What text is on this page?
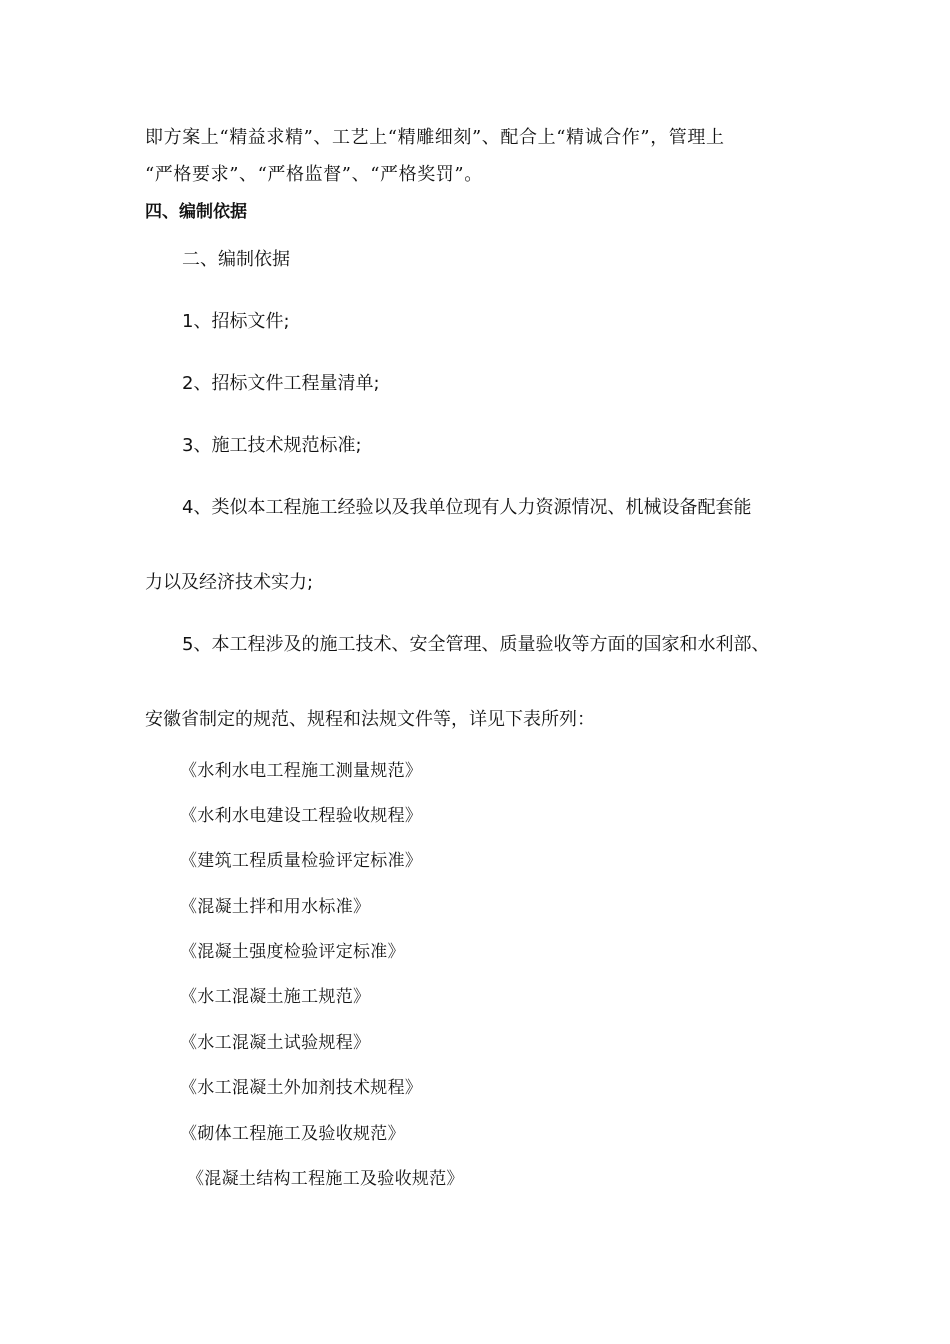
即方案上“精益求精”、工艺上“精雕细刻”、配合上“精诚合作”，管理上
“严格要求”、“严格监督”、“严格奖罚”。
四、编制依据
二、编制依据
1、招标文件;
2、招标文件工程量清单;
3、施工技术规范标准;
4、类似本工程施工经验以及我单位现有人力资源情况、机械设备配套能
力以及经济技术实力;
5、本工程涉及的施工技术、安全管理、质量验收等方面的国家和水利部、
安徽省制定的规范、规程和法规文件等，详见下表所列：
《水利水电工程施工测量规范》
《水利水电建设工程验收规程》
《建筑工程质量检验评定标准》
《混凝土拌和用水标准》
《混凝土强度检验评定标准》
《水工混凝土施工规范》
《水工混凝土试验规程》
《水工混凝土外加剂技术规程》
《砌体工程施工及验收规范》
《混凝土结构工程施工及验收规范》
